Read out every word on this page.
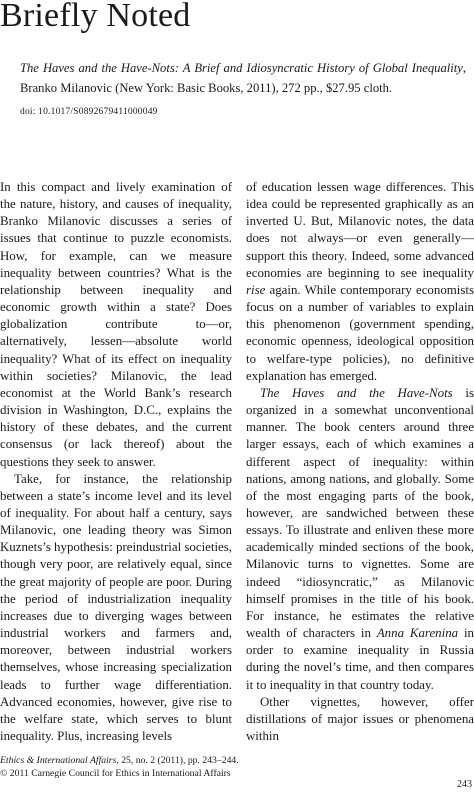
Briefly Noted
The Haves and the Have-Nots: A Brief and Idiosyncratic History of Global Inequality, Branko Milanovic (New York: Basic Books, 2011), 272 pp., $27.95 cloth.
doi: 10.1017/S0892679411000049

In this compact and lively examination of the nature, history, and causes of inequality, Branko Milanovic discusses a series of issues that continue to puzzle economists. How, for example, can we measure inequality between countries? What is the relationship between inequality and economic growth within a state? Does globalization contribute to—or, alternatively, lessen—absolute world inequality? What of its effect on inequality within societies? Milanovic, the lead economist at the World Bank’s research division in Washington, D.C., explains the history of these debates, and the current consensus (or lack thereof) about the questions they seek to answer.

Take, for instance, the relationship between a state’s income level and its level of inequality. For about half a century, says Milanovic, one leading theory was Simon Kuznets’s hypothesis: preindustrial societies, though very poor, are relatively equal, since the great majority of people are poor. During the period of industrialization inequality increases due to diverging wages between industrial workers and farmers and, moreover, between industrial workers themselves, whose increasing specialization leads to further wage differentiation. Advanced economies, however, give rise to the welfare state, which serves to blunt inequality. Plus, increasing levels

of education lessen wage differences. This idea could be represented graphically as an inverted U. But, Milanovic notes, the data does not always—or even generally—support this theory. Indeed, some advanced economies are beginning to see inequality rise again. While contemporary economists focus on a number of variables to explain this phenomenon (government spending, economic openness, ideological opposition to welfare-type policies), no definitive explanation has emerged.

The Haves and the Have-Nots is organized in a somewhat unconventional manner. The book centers around three larger essays, each of which examines a different aspect of inequality: within nations, among nations, and globally. Some of the most engaging parts of the book, however, are sandwiched between these essays. To illustrate and enliven these more academically minded sections of the book, Milanovic turns to vignettes. Some are indeed “idiosyncratic,” as Milanovic himself promises in the title of his book. For instance, he estimates the relative wealth of characters in Anna Karenina in order to examine inequality in Russia during the novel’s time, and then compares it to inequality in that country today.

Other vignettes, however, offer distillations of major issues or phenomena within

Ethics & International Affairs, 25, no. 2 (2011), pp. 243–244.
© 2011 Carnegie Council for Ethics in International Affairs
243
